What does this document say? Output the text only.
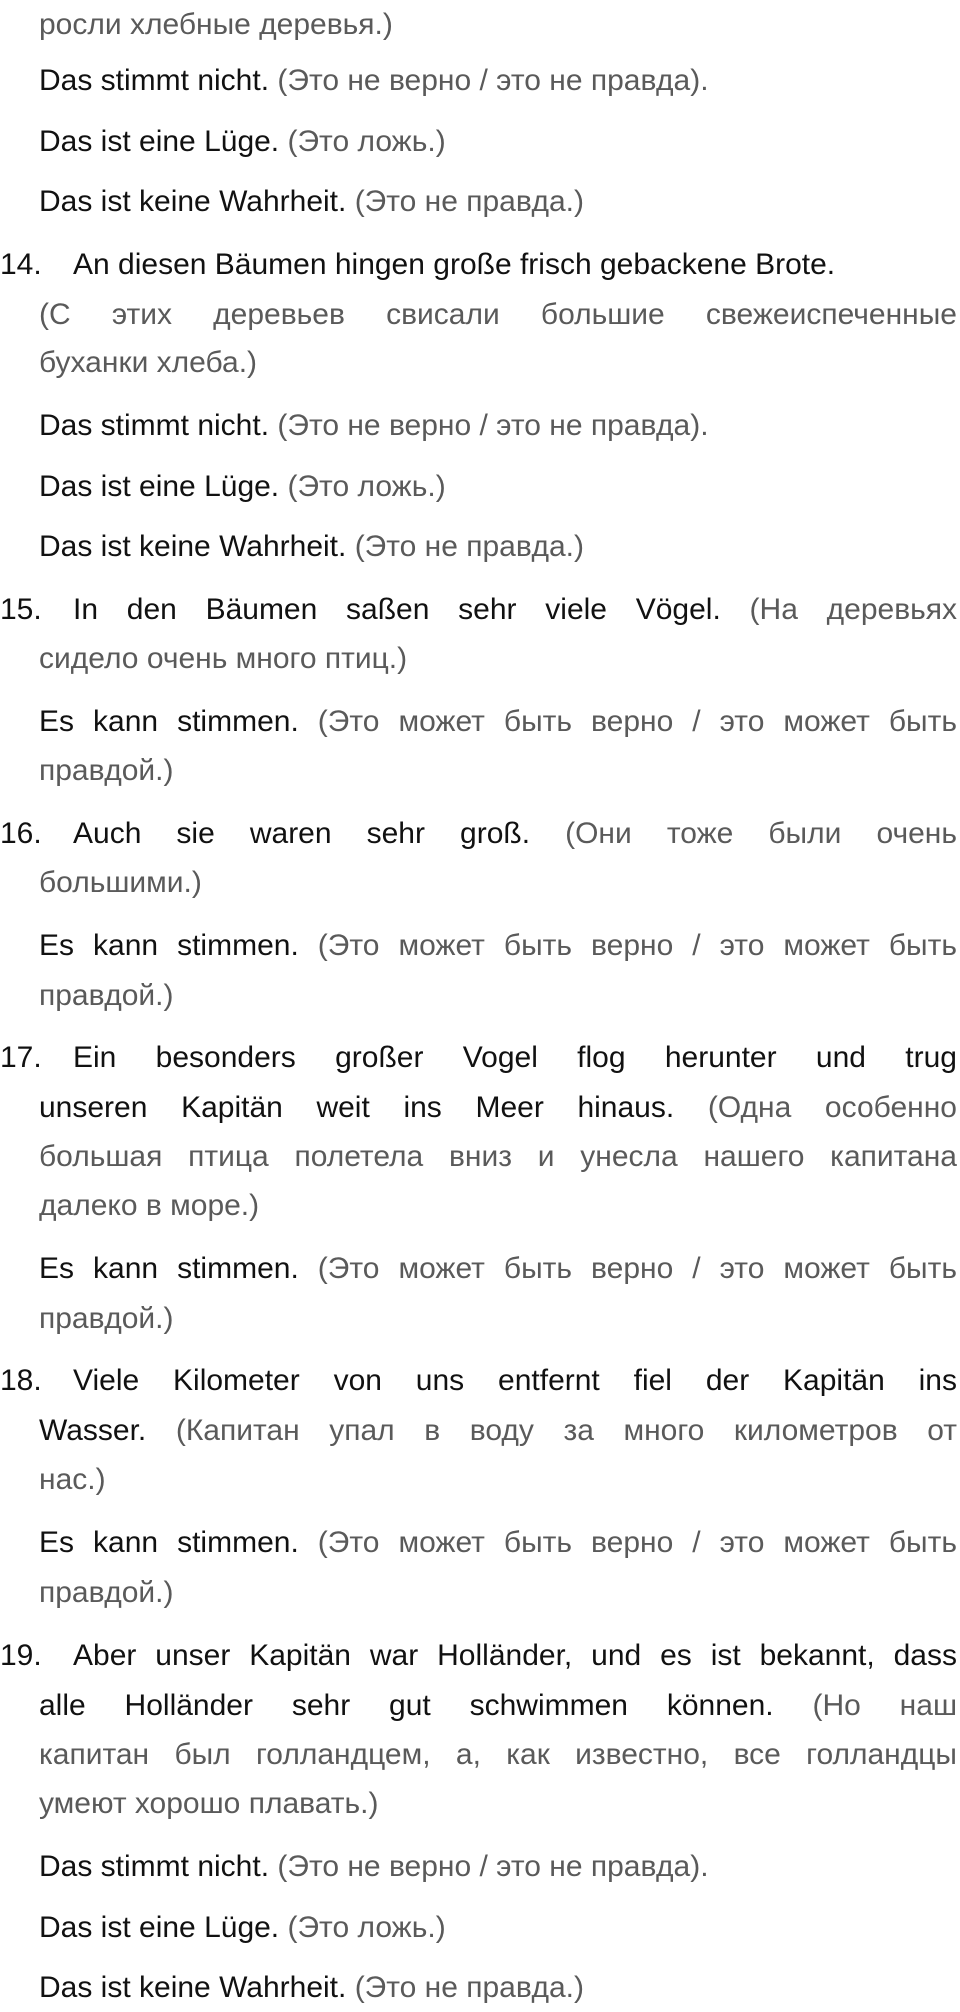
росли хлебные деревья.)
Das stimmt nicht. (Это не верно / это не правда).
Das ist eine Lüge. (Это ложь.)
Das ist keine Wahrheit. (Это не правда.)
14. An diesen Bäumen hingen große frisch gebackene Brote.
(С этих деревьев свисали большие свежеиспеченные
буханки хлеба.)
Das stimmt nicht. (Это не верно / это не правда).
Das ist eine Lüge. (Это ложь.)
Das ist keine Wahrheit. (Это не правда.)
15. In den Bäumen saßen sehr viele Vögel. (На деревьях
сидело очень много птиц.)
Es kann stimmen. (Это может быть верно / это может быть
правдой.)
16. Auch sie waren sehr groß. (Они тоже были очень
большими.)
Es kann stimmen. (Это может быть верно / это может быть
правдой.)
17. Ein besonders großer Vogel flog herunter und trug
unseren Kapitän weit ins Meer hinaus. (Одна особенно
большая птица полетела вниз и унесла нашего капитана
далеко в море.)
Es kann stimmen. (Это может быть верно / это может быть
правдой.)
18. Viele Kilometer von uns entfernt fiel der Kapitän ins
Wasser. (Капитан упал в воду за много километров от
нас.)
Es kann stimmen. (Это может быть верно / это может быть
правдой.)
19. Aber unser Kapitän war Holländer, und es ist bekannt, dass
alle Holländer sehr gut schwimmen können. (Но наш
капитан был голландцем, а, как известно, все голландцы
умеют хорошо плавать.)
Das stimmt nicht. (Это не верно / это не правда).
Das ist eine Lüge. (Это ложь.)
Das ist keine Wahrheit. (Это не правда.)
